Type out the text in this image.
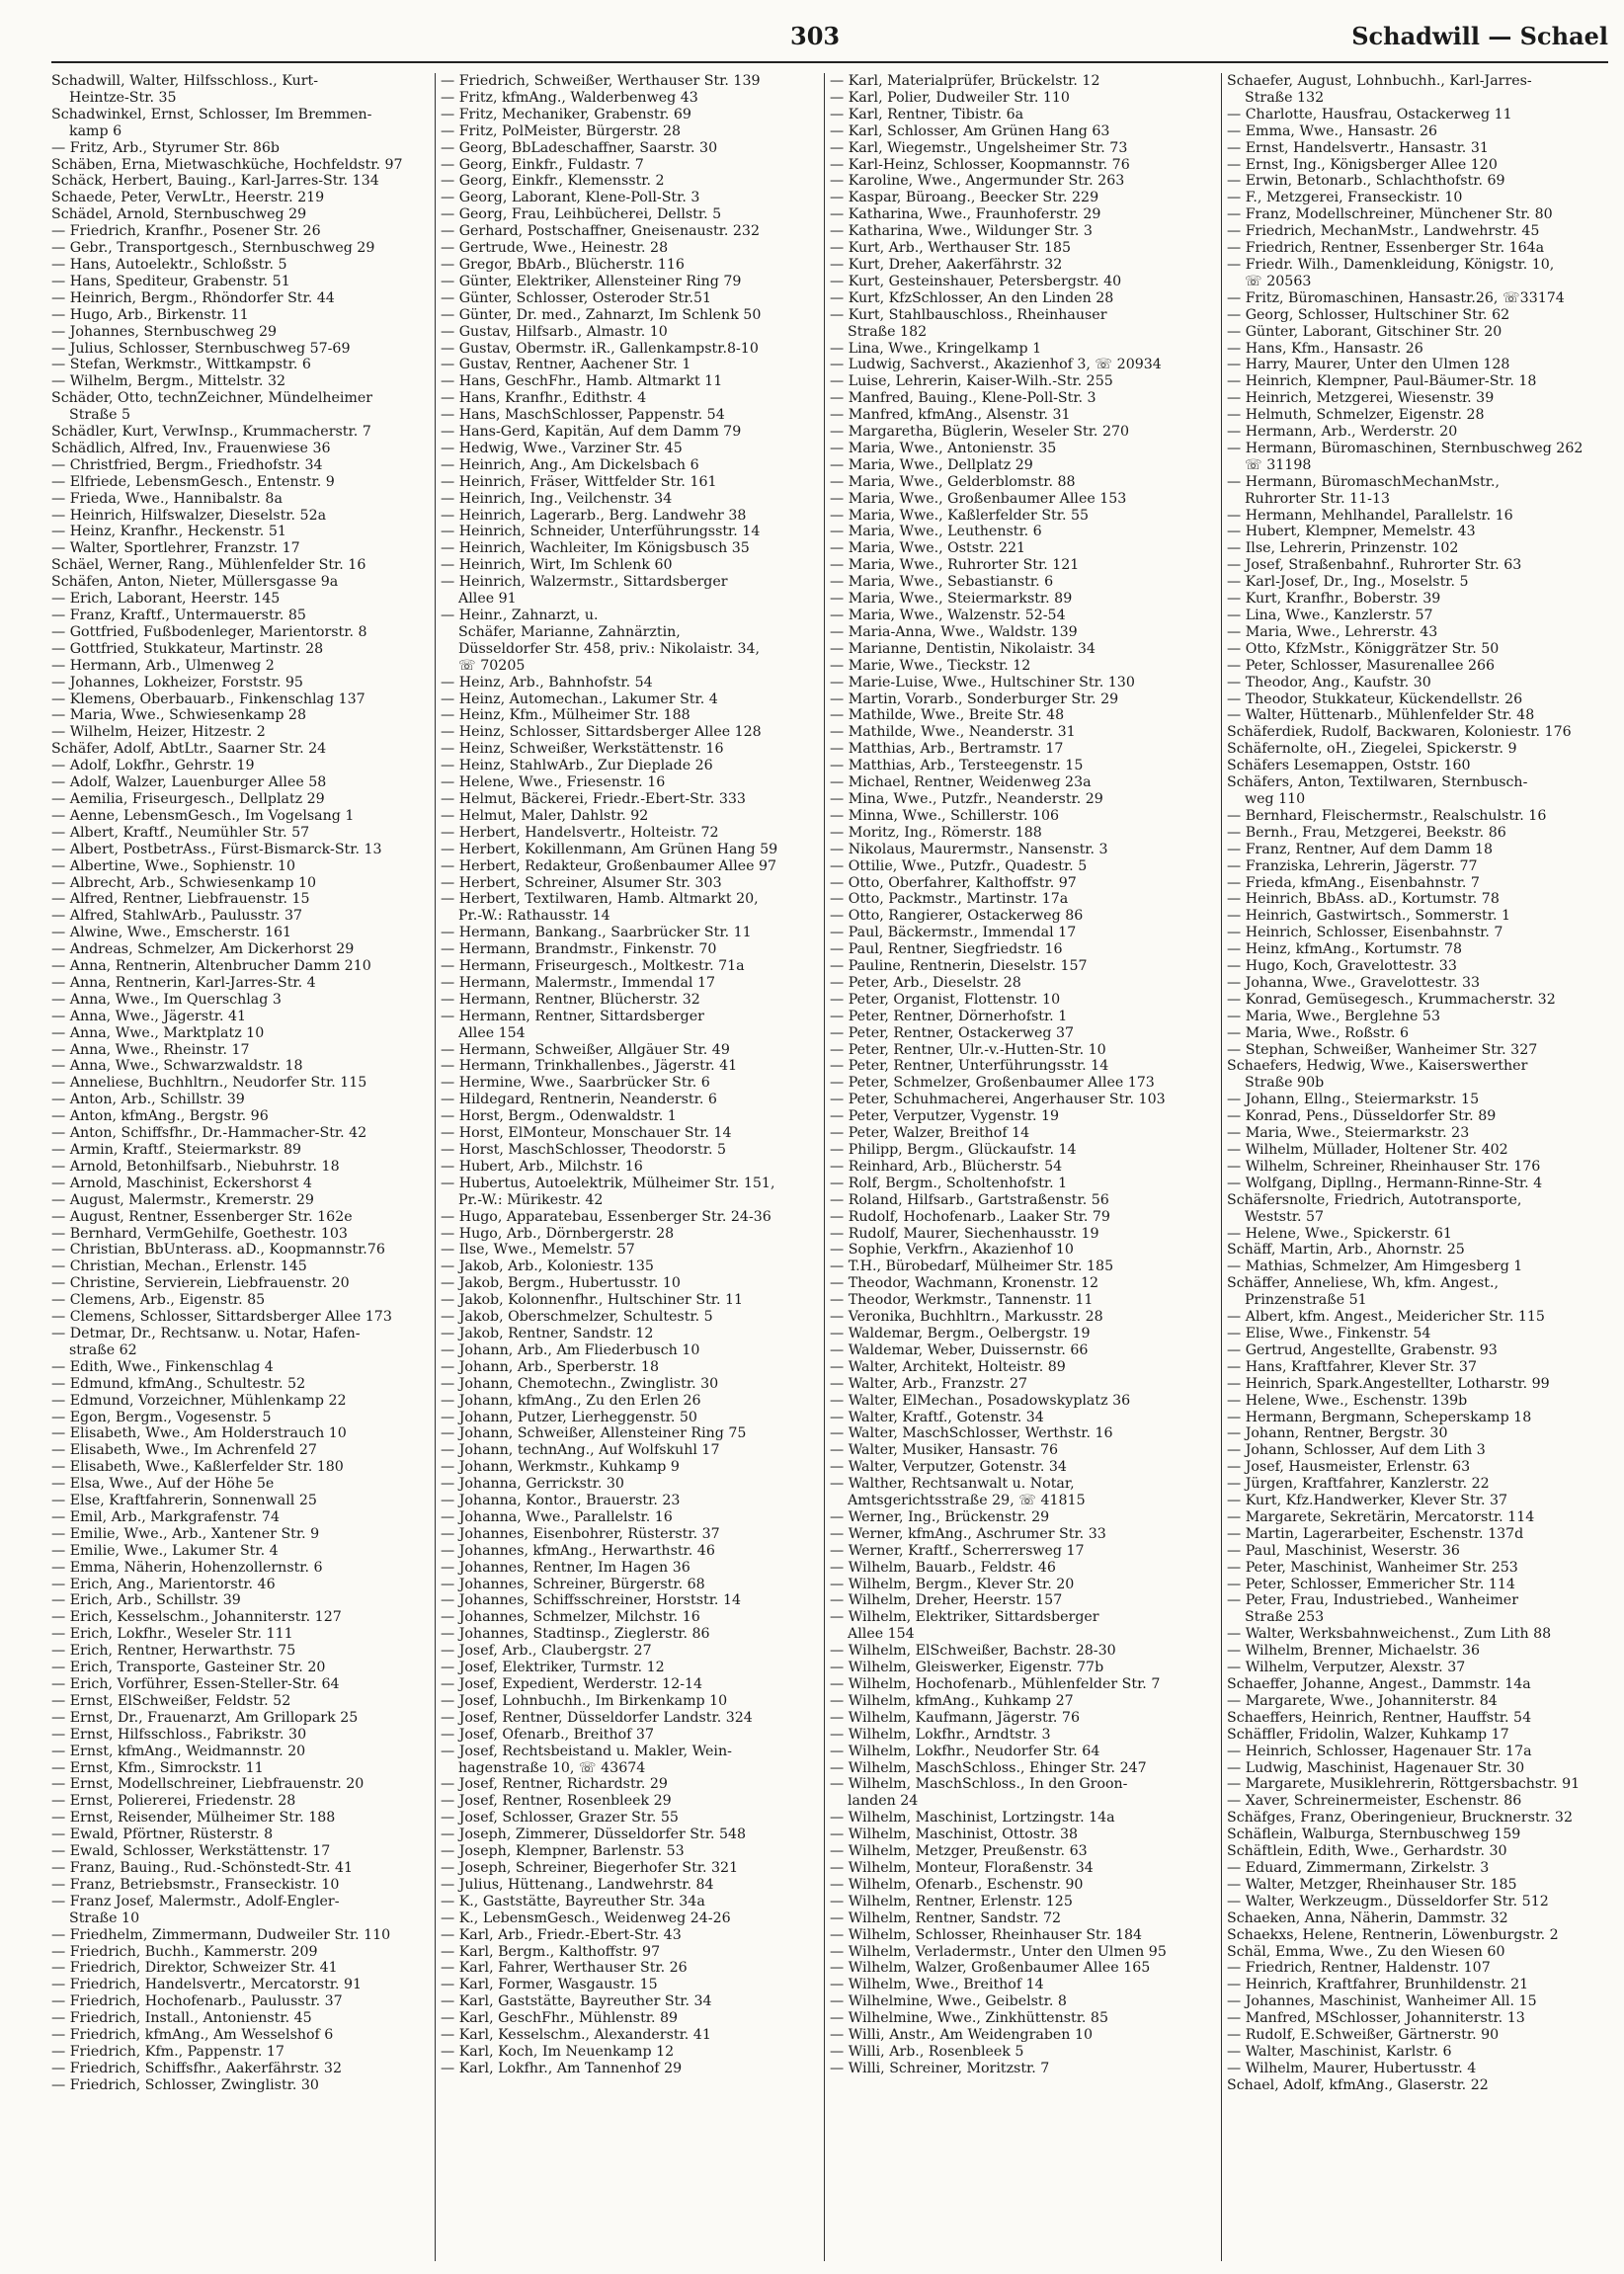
303	Schadwill — Schael
Schadwill, Walter, Hilfsschloss., Kurt-
Heintze-Str. 35
Schadwinkel, Ernst, Schlosser, Im Bremmen-
kamp 6
— Fritz, Arb., Styrumer Str. 86b
Schäben, Erna, Mietwaschküche, Hochfeldstr. 97
Schäck, Herbert, Bauing., Karl-Jarres-Str. 134
Schaede, Peter, VerwLtr., Heerstr. 219
Schädel, Arnold, Sternbuschweg 29
— Friedrich, Kranfhr., Posener Str. 26
— Gebr., Transportgesch., Sternbuschweg 29
— Hans, Autoelektr., Schloßstr. 5
— Hans, Spediteur, Grabenstr. 51
— Heinrich, Bergm., Rhöndorfer Str. 44
— Hugo, Arb., Birkenstr. 11
— Johannes, Sternbuschweg 29
— Julius, Schlosser, Sternbuschweg 57-69
— Stefan, Werkmstr., Wittkampstr. 6
— Wilhelm, Bergm., Mittelstr. 32
Schäder, Otto, technZeichner, Mündelheimer
Straße 5
Schädler, Kurt, VerwInsp., Krummacherstr. 7
Schädlich, Alfred, Inv., Frauenwiese 36
— Christfried, Bergm., Friedhofstr. 34
— Elfriede, LebensmGesch., Entenstr. 9
— Frieda, Wwe., Hannibalstr. 8a
— Heinrich, Hilfswalzer, Dieselstr. 52a
— Heinz, Kranfhr., Heckenstr. 51
— Walter, Sportlehrer, Franzstr. 17
Schäel, Werner, Rang., Mühlenfelder Str. 16
Schäfen, Anton, Nieter, Müllersgasse 9a
— Erich, Laborant, Heerstr. 145
— Franz, Kraftf., Untermauerstr. 85
— Gottfried, Fußbodenleger, Marientorstr. 8
— Gottfried, Stukkateur, Martinstr. 28
— Hermann, Arb., Ulmenweg 2
— Johannes, Lokheizer, Forststr. 95
— Klemens, Oberbauarb., Finkenschlag 137
— Maria, Wwe., Schwiesenkamp 28
— Wilhelm, Heizer, Hitzestr. 2
Schäfer, Adolf, AbtLtr., Saarner Str. 24
— Adolf, Lokfhr., Gehrstr. 19
— Adolf, Walzer, Lauenburger Allee 58
— Aemilia, Friseurgesch., Dellplatz 29
— Aenne, LebensmGesch., Im Vogelsang 1
— Albert, Kraftf., Neumühler Str. 57
— Albert, PostbetrAss., Fürst-Bismarck-Str. 13
— Albertine, Wwe., Sophienstr. 10
— Albrecht, Arb., Schwiesenkamp 10
— Alfred, Rentner, Liebfrauenstr. 15
— Alfred, StahlwArb., Paulusstr. 37
— Alwine, Wwe., Emscherstr. 161
— Andreas, Schmelzer, Am Dickerhorst 29
— Anna, Rentnerin, Altenbrucher Damm 210
— Anna, Rentnerin, Karl-Jarres-Str. 4
— Anna, Wwe., Im Querschlag 3
— Anna, Wwe., Jägerstr. 41
— Anna, Wwe., Marktplatz 10
— Anna, Wwe., Rheinstr. 17
— Anna, Wwe., Schwarzwaldstr. 18
— Anneliese, Buchhltrn., Neudorfer Str. 115
— Anton, Arb., Schillstr. 39
— Anton, kfmAng., Bergstr. 96
— Anton, Schiffsfhr., Dr.-Hammacher-Str. 42
— Armin, Kraftf., Steiermarkstr. 89
— Arnold, Betonhilfsarb., Niebuhrstr. 18
— Arnold, Maschinist, Eckershorst 4
— August, Malermstr., Kremerstr. 29
— August, Rentner, Essenberger Str. 162e
— Bernhard, VermGehilfe, Goethestr. 103
— Christian, BbUnterass. aD., Koopmannstr.76
— Christian, Mechan., Erlenstr. 145
— Christine, Servierein, Liebfrauenstr. 20
— Clemens, Arb., Eigenstr. 85
— Clemens, Schlosser, Sittardsberger Allee 173
— Detmar, Dr., Rechtsanw. u. Notar, Hafen-
straße 62
— Edith, Wwe., Finkenschlag 4
— Edmund, kfmAng., Schultestr. 52
— Edmund, Vorzeichner, Mühlenkamp 22
— Egon, Bergm., Vogesenstr. 5
— Elisabeth, Wwe., Am Holderstrauch 10
— Elisabeth, Wwe., Im Achrenfeld 27
— Elisabeth, Wwe., Kaßlerfelder Str. 180
— Elsa, Wwe., Auf der Höhe 5e
— Else, Kraftfahrerin, Sonnenwall 25
— Emil, Arb., Markgrafenstr. 74
— Emilie, Wwe., Arb., Xantener Str. 9
— Emilie, Wwe., Lakumer Str. 4
— Emma, Näherin, Hohenzollernstr. 6
— Erich, Ang., Marientorstr. 46
— Erich, Arb., Schillstr. 39
— Erich, Kesselschm., Johanniterstr. 127
— Erich, Lokfhr., Weseler Str. 111
— Erich, Rentner, Herwarthstr. 75
— Erich, Transporte, Gasteiner Str. 20
— Erich, Vorführer, Essen-Steller-Str. 64
— Ernst, ElSchweißer, Feldstr. 52
— Ernst, Dr., Frauenarzt, Am Grillopark 25
— Ernst, Hilfsschloss., Fabrikstr. 30
— Ernst, kfmAng., Weidmannstr. 20
— Ernst, Kfm., Simrockstr. 11
— Ernst, Modellschreiner, Liebfrauenstr. 20
— Ernst, Poliererei, Friedenstr. 28
— Ernst, Reisender, Mülheimer Str. 188
— Ewald, Pförtner, Rüsterstr. 8
— Ewald, Schlosser, Werkstättenstr. 17
— Franz, Bauing., Rud.-Schönstedt-Str. 41
— Franz, Betriebsmstr., Franseckistr. 10
— Franz Josef, Malermstr., Adolf-Engler-
Straße 10
— Friedhelm, Zimmermann, Dudweiler Str. 110
— Friedrich, Buchh., Kammerstr. 209
— Friedrich, Direktor, Schweizer Str. 41
— Friedrich, Handelsvertr., Mercatorstr. 91
— Friedrich, Hochofenarb., Paulusstr. 37
— Friedrich, Install., Antonienstr. 45
— Friedrich, kfmAng., Am Wesselshof 6
— Friedrich, Kfm., Pappenstr. 17
— Friedrich, Schiffsfhr., Aakerfährstr. 32
— Friedrich, Schlosser, Zwinglistr. 30
— Friedrich, Schweißer, Werthauser Str. 139
— Fritz, kfmAng., Walderbenweg 43
— Fritz, Mechaniker, Grabenstr. 69
— Fritz, PolMeister, Bürgerstr. 28
— Georg, BbLadeschaffner, Saarstr. 30
— Georg, Einkfr., Fuldastr. 7
— Georg, Einkfr., Klemensstr. 2
— Georg, Laborant, Klene-Poll-Str. 3
— Georg, Frau, Leihbücherei, Dellstr. 5
— Gerhard, Postschaffner, Gneisenaustr. 232
— Gertrude, Wwe., Heinestr. 28
— Gregor, BbArb., Blücherstr. 116
— Günter, Elektriker, Allensteiner Ring 79
— Günter, Schlosser, Osteroder Str.51
— Günter, Dr. med., Zahnarzt, Im Schlenk 50
— Gustav, Hilfsarb., Almastr. 10
— Gustav, Obermstr. iR., Gallenkampstr.8-10
— Gustav, Rentner, Aachener Str. 1
— Hans, GeschFhr., Hamb. Altmarkt 11
— Hans, Kranfhr., Edithstr. 4
— Hans, MaschSchlosser, Pappenstr. 54
— Hans-Gerd, Kapitän, Auf dem Damm 79
— Hedwig, Wwe., Varziner Str. 45
— Heinrich, Ang., Am Dickelsbach 6
— Heinrich, Fräser, Wittfelder Str. 161
— Heinrich, Ing., Veilchenstr. 34
— Heinrich, Lagerarb., Berg. Landwehr 38
— Heinrich, Schneider, Unterführungsstr. 14
— Heinrich, Wachleiter, Im Königsbusch 35
— Heinrich, Wirt, Im Schlenk 60
— Heinrich, Walzermstr., Sittardsberger
Allee 91
— Heinr., Zahnarzt, u.
Schäfer, Marianne, Zahnärztin,
Düsseldorfer Str. 458, priv.: Nikolaistr. 34,
☏ 70205
— Heinz, Arb., Bahnhofstr. 54
— Heinz, Automechan., Lakumer Str. 4
— Heinz, Kfm., Mülheimer Str. 188
— Heinz, Schlosser, Sittardsberger Allee 128
— Heinz, Schweißer, Werkstättenstr. 16
— Heinz, StahlwArb., Zur Dieplade 26
— Helene, Wwe., Friesenstr. 16
— Helmut, Bäckerei, Friedr.-Ebert-Str. 333
— Helmut, Maler, Dahlstr. 92
— Herbert, Handelsvertr., Holteistr. 72
— Herbert, Kokillenmann, Am Grünen Hang 59
— Herbert, Redakteur, Großenbaumer Allee 97
— Herbert, Schreiner, Alsumer Str. 303
— Herbert, Textilwaren, Hamb. Altmarkt 20,
Pr.-W.: Rathausstr. 14
— Hermann, Bankang., Saarbrücker Str. 11
— Hermann, Brandmstr., Finkenstr. 70
— Hermann, Friseurgesch., Moltkestr. 71a
— Hermann, Malermstr., Immendal 17
— Hermann, Rentner, Blücherstr. 32
— Hermann, Rentner, Sittardsberger
Allee 154
— Hermann, Schweißer, Allgäuer Str. 49
— Hermann, Trinkhallenbes., Jägerstr. 41
— Hermine, Wwe., Saarbrücker Str. 6
— Hildegard, Rentnerin, Neanderstr. 6
— Horst, Bergm., Odenwaldstr. 1
— Horst, ElMonteur, Monschauer Str. 14
— Horst, MaschSchlosser, Theodorstr. 5
— Hubert, Arb., Milchstr. 16
— Hubertus, Autoelektrik, Mülheimer Str. 151,
Pr.-W.: Mürikestr. 42
— Hugo, Apparatebau, Essenberger Str. 24-36
— Hugo, Arb., Dörnbergerstr. 28
— Ilse, Wwe., Memelstr. 57
— Jakob, Arb., Koloniestr. 135
— Jakob, Bergm., Hubertusstr. 10
— Jakob, Kolonnenfhr., Hultschiner Str. 11
— Jakob, Oberschmelzer, Schultestr. 5
— Jakob, Rentner, Sandstr. 12
— Johann, Arb., Am Fliederbusch 10
— Johann, Arb., Sperberstr. 18
— Johann, Chemotechn., Zwinglistr. 30
— Johann, kfmAng., Zu den Erlen 26
— Johann, Putzer, Lierheggenstr. 50
— Johann, Schweißer, Allensteiner Ring 75
— Johann, technAng., Auf Wolfskuhl 17
— Johann, Werkmstr., Kuhkamp 9
— Johanna, Gerrickstr. 30
— Johanna, Kontor., Brauerstr. 23
— Johanna, Wwe., Parallelstr. 16
— Johannes, Eisenbohrer, Rüsterstr. 37
— Johannes, kfmAng., Herwarthstr. 46
— Johannes, Rentner, Im Hagen 36
— Johannes, Schreiner, Bürgerstr. 68
— Johannes, Schiffsschreiner, Horststr. 14
— Johannes, Schmelzer, Milchstr. 16
— Johannes, Stadtinsp., Zieglerstr. 86
— Josef, Arb., Claubergstr. 27
— Josef, Elektriker, Turmstr. 12
— Josef, Expedient, Werderstr. 12-14
— Josef, Lohnbuchh., Im Birkenkamp 10
— Josef, Rentner, Düsseldorfer Landstr. 324
— Josef, Ofenarb., Breithof 37
— Josef, Rechtsbeistand u. Makler, Wein-
hagenstraße 10, ☏ 43674
— Josef, Rentner, Richardstr. 29
— Josef, Rentner, Rosenbleek 29
— Josef, Schlosser, Grazer Str. 55
— Joseph, Zimmerer, Düsseldorfer Str. 548
— Joseph, Klempner, Barlenstr. 53
— Joseph, Schreiner, Biegerhofer Str. 321
— Julius, Hüttenang., Landwehrstr. 84
— K., Gaststätte, Bayreuther Str. 34a
— K., LebensmGesch., Weidenweg 24-26
— Karl, Arb., Friedr.-Ebert-Str. 43
— Karl, Bergm., Kalthoffstr. 97
— Karl, Fahrer, Werthauser Str. 26
— Karl, Former, Wasgaustr. 15
— Karl, Gaststätte, Bayreuther Str. 34
— Karl, GeschFhr., Mühlenstr. 89
— Karl, Kesselschm., Alexanderstr. 41
— Karl, Koch, Im Neuenkamp 12
— Karl, Lokfhr., Am Tannenhof 29
— Karl, Materialprüfer, Brückelstr. 12
— Karl, Polier, Dudweiler Str. 110
— Karl, Rentner, Tibistr. 6a
— Karl, Schlosser, Am Grünen Hang 63
— Karl, Wiegemstr., Ungelsheimer Str. 73
— Karl-Heinz, Schlosser, Koopmannstr. 76
— Karoline, Wwe., Angermunder Str. 263
— Kaspar, Büroang., Beecker Str. 229
— Katharina, Wwe., Fraunhoferstr. 29
— Katharina, Wwe., Wildunger Str. 3
— Kurt, Arb., Werthauser Str. 185
— Kurt, Dreher, Aakerfährstr. 32
— Kurt, Gesteinshauer, Petersbergstr. 40
— Kurt, KfzSchlosser, An den Linden 28
— Kurt, Stahlbauschloss., Rheinhauser
Straße 182
— Lina, Wwe., Kringelkamp 1
— Ludwig, Sachverst., Akazienhof 3, ☏ 20934
— Luise, Lehrerin, Kaiser-Wilh.-Str. 255
— Manfred, Bauing., Klene-Poll-Str. 3
— Manfred, kfmAng., Alsenstr. 31
— Margaretha, Büglerin, Weseler Str. 270
— Maria, Wwe., Antonienstr. 35
— Maria, Wwe., Dellplatz 29
— Maria, Wwe., Gelderblomstr. 88
— Maria, Wwe., Großenbaumer Allee 153
— Maria, Wwe., Kaßlerfelder Str. 55
— Maria, Wwe., Leuthenstr. 6
— Maria, Wwe., Oststr. 221
— Maria, Wwe., Ruhrorter Str. 121
— Maria, Wwe., Sebastianstr. 6
— Maria, Wwe., Steiermarkstr. 89
— Maria, Wwe., Walzenstr. 52-54
— Maria-Anna, Wwe., Waldstr. 139
— Marianne, Dentistin, Nikolaistr. 34
— Marie, Wwe., Tieckstr. 12
— Marie-Luise, Wwe., Hultschiner Str. 130
— Martin, Vorarb., Sonderburger Str. 29
— Mathilde, Wwe., Breite Str. 48
— Mathilde, Wwe., Neanderstr. 31
— Matthias, Arb., Bertramstr. 17
— Matthias, Arb., Tersteegenstr. 15
— Michael, Rentner, Weidenweg 23a
— Mina, Wwe., Putzfr., Neanderstr. 29
— Minna, Wwe., Schillerstr. 106
— Moritz, Ing., Römerstr. 188
— Nikolaus, Maurermstr., Nansenstr. 3
— Ottilie, Wwe., Putzfr., Quadestr. 5
— Otto, Oberfahrer, Kalthoffstr. 97
— Otto, Packmstr., Martinstr. 17a
— Otto, Rangierer, Ostackerweg 86
— Paul, Bäckermstr., Immendal 17
— Paul, Rentner, Siegfriedstr. 16
— Pauline, Rentnerin, Dieselstr. 157
— Peter, Arb., Dieselstr. 28
— Peter, Organist, Flottenstr. 10
— Peter, Rentner, Dörnerhofstr. 1
— Peter, Rentner, Ostackerweg 37
— Peter, Rentner, Ulr.-v.-Hutten-Str. 10
— Peter, Rentner, Unterführungsstr. 14
— Peter, Schmelzer, Großenbaumer Allee 173
— Peter, Schuhmacherei, Angerhauser Str. 103
— Peter, Verputzer, Vygenstr. 19
— Peter, Walzer, Breithof 14
— Philipp, Bergm., Glückaufstr. 14
— Reinhard, Arb., Blücherstr. 54
— Rolf, Bergm., Scholtenhofstr. 1
— Roland, Hilfsarb., Gartstraßenstr. 56
— Rudolf, Hochofenarb., Laaker Str. 79
— Rudolf, Maurer, Siechenhausstr. 19
— Sophie, Verkfrn., Akazienhof 10
— T.H., Bürobedarf, Mülheimer Str. 185
— Theodor, Wachmann, Kronenstr. 12
— Theodor, Werkmstr., Tannenstr. 11
— Veronika, Buchhltrn., Markusstr. 28
— Waldemar, Bergm., Oelbergstr. 19
— Waldemar, Weber, Duissernstr. 66
— Walter, Architekt, Holteistr. 89
— Walter, Arb., Franzstr. 27
— Walter, ElMechan., Posadowskyplatz 36
— Walter, Kraftf., Gotenstr. 34
— Walter, MaschSchlosser, Werthstr. 16
— Walter, Musiker, Hansastr. 76
— Walter, Verputzer, Gotenstr. 34
— Walther, Rechtsanwalt u. Notar,
Amtsgerichtsstraße 29, ☏ 41815
— Werner, Ing., Brückenstr. 29
— Werner, kfmAng., Aschrumer Str. 33
— Werner, Kraftf., Scherrersweg 17
— Wilhelm, Bauarb., Feldstr. 46
— Wilhelm, Bergm., Klever Str. 20
— Wilhelm, Dreher, Heerstr. 157
— Wilhelm, Elektriker, Sittardsberger
Allee 154
— Wilhelm, ElSchweißer, Bachstr. 28-30
— Wilhelm, Gleiswerker, Eigenstr. 77b
— Wilhelm, Hochofenarb., Mühlenfelder Str. 7
— Wilhelm, kfmAng., Kuhkamp 27
— Wilhelm, Kaufmann, Jägerstr. 76
— Wilhelm, Lokfhr., Arndtstr. 3
— Wilhelm, Lokfhr., Neudorfer Str. 64
— Wilhelm, MaschSchloss., Ehinger Str. 247
— Wilhelm, MaschSchloss., In den Groon-
landen 24
— Wilhelm, Maschinist, Lortzingstr. 14a
— Wilhelm, Maschinist, Ottostr. 38
— Wilhelm, Metzger, Preußenstr. 63
— Wilhelm, Monteur, Floraßenstr. 34
— Wilhelm, Ofenarb., Eschenstr. 90
— Wilhelm, Rentner, Erlenstr. 125
— Wilhelm, Rentner, Sandstr. 72
— Wilhelm, Schlosser, Rheinhauser Str. 184
— Wilhelm, Verladermstr., Unter den Ulmen 95
— Wilhelm, Walzer, Großenbaumer Allee 165
— Wilhelm, Wwe., Breithof 14
— Wilhelmine, Wwe., Geibelstr. 8
— Wilhelmine, Wwe., Zinkhüttenstr. 85
— Willi, Anstr., Am Weidengraben 10
— Willi, Arb., Rosenbleek 5
— Willi, Schreiner, Moritzstr. 7
Schaefer, August, Lohnbuchh., Karl-Jarres-
Straße 132
— Charlotte, Hausfrau, Ostackerweg 11
— Emma, Wwe., Hansastr. 26
— Ernst, Handelsvertr., Hansastr. 31
— Ernst, Ing., Königsberger Allee 120
— Erwin, Betonarb., Schlachthofstr. 69
— F., Metzgerei, Franseckistr. 10
— Franz, Modellschreiner, Münchener Str. 80
— Friedrich, MechanMstr., Landwehrstr. 45
— Friedrich, Rentner, Essenberger Str. 164a
— Friedr. Wilh., Damenkleidung, Königstr. 10,
☏ 20563
— Fritz, Büromaschinen, Hansastr.26, ☏33174
— Georg, Schlosser, Hultschiner Str. 62
— Günter, Laborant, Gitschiner Str. 20
— Hans, Kfm., Hansastr. 26
— Harry, Maurer, Unter den Ulmen 128
— Heinrich, Klempner, Paul-Bäumer-Str. 18
— Heinrich, Metzgerei, Wiesenstr. 39
— Helmuth, Schmelzer, Eigenstr. 28
— Hermann, Arb., Werderstr. 20
— Hermann, Büromaschinen, Sternbuschweg 262
☏ 31198
— Hermann, BüromaschMechanMstr.,
Ruhrorter Str. 11-13
— Hermann, Mehlhandel, Parallelstr. 16
— Hubert, Klempner, Memelstr. 43
— Ilse, Lehrerin, Prinzenstr. 102
— Josef, Straßenbahnf., Ruhrorter Str. 63
— Karl-Josef, Dr., Ing., Moselstr. 5
— Kurt, Kranfhr., Boberstr. 39
— Lina, Wwe., Kanzlerstr. 57
— Maria, Wwe., Lehrerstr. 43
— Otto, KfzMstr., Königgrätzer Str. 50
— Peter, Schlosser, Masurenallee 266
— Theodor, Ang., Kaufstr. 30
— Theodor, Stukkateur, Kückendellstr. 26
— Walter, Hüttenarb., Mühlenfelder Str. 48
Schäferdiek, Rudolf, Backwaren, Koloniestr. 176
Schäfernolte, oH., Ziegelei, Spickerstr. 9
Schäfers Lesemappen, Oststr. 160
Schäfers, Anton, Textilwaren, Sternbusch-
weg 110
— Bernhard, Fleischermstr., Realschulstr. 16
— Bernh., Frau, Metzgerei, Beekstr. 86
— Franz, Rentner, Auf dem Damm 18
— Franziska, Lehrerin, Jägerstr. 77
— Frieda, kfmAng., Eisenbahnstr. 7
— Heinrich, BbAss. aD., Kortumstr. 78
— Heinrich, Gastwirtsch., Sommerstr. 1
— Heinrich, Schlosser, Eisenbahnstr. 7
— Heinz, kfmAng., Kortumstr. 78
— Hugo, Koch, Gravelottestr. 33
— Johanna, Wwe., Gravelottestr. 33
— Konrad, Gemüsegesch., Krummacherstr. 32
— Maria, Wwe., Berglehne 53
— Maria, Wwe., Roßstr. 6
— Stephan, Schweißer, Wanheimer Str. 327
Schaefers, Hedwig, Wwe., Kaiserswerther
Straße 90b
— Johann, Ellng., Steiermarkstr. 15
— Konrad, Pens., Düsseldorfer Str. 89
— Maria, Wwe., Steiermarkstr. 23
— Wilhelm, Müllader, Holtener Str. 402
— Wilhelm, Schreiner, Rheinhauser Str. 176
— Wolfgang, Dipllng., Hermann-Rinne-Str. 4
Schäfersnolte, Friedrich, Autotransporte,
Weststr. 57
— Helene, Wwe., Spickerstr. 61
Schäff, Martin, Arb., Ahornstr. 25
— Mathias, Schmelzer, Am Himgesberg 1
Schäffer, Anneliese, Wh, kfm. Angest.,
Prinzenstraße 51
— Albert, kfm. Angest., Meidericher Str. 115
— Elise, Wwe., Finkenstr. 54
— Gertrud, Angestellte, Grabenstr. 93
— Hans, Kraftfahrer, Klever Str. 37
— Heinrich, Spark.Angestellter, Lotharstr. 99
— Helene, Wwe., Eschenstr. 139b
— Hermann, Bergmann, Scheperskamp 18
— Johann, Rentner, Bergstr. 30
— Johann, Schlosser, Auf dem Lith 3
— Josef, Hausmeister, Erlenstr. 63
— Jürgen, Kraftfahrer, Kanzlerstr. 22
— Kurt, Kfz.Handwerker, Klever Str. 37
— Margarete, Sekretärin, Mercatorstr. 114
— Martin, Lagerarbeiter, Eschenstr. 137d
— Paul, Maschinist, Weserstr. 36
— Peter, Maschinist, Wanheimer Str. 253
— Peter, Schlosser, Emmericher Str. 114
— Peter, Frau, Industriebed., Wanheimer
Straße 253
— Walter, Werksbahnweichenst., Zum Lith 88
— Wilhelm, Brenner, Michaelstr. 36
— Wilhelm, Verputzer, Alexstr. 37
Schaeffer, Johanne, Angest., Dammstr. 14a
— Margarete, Wwe., Johanniterstr. 84
Schaeffers, Heinrich, Rentner, Hauffstr. 54
Schäffler, Fridolin, Walzer, Kuhkamp 17
— Heinrich, Schlosser, Hagenauer Str. 17a
— Ludwig, Maschinist, Hagenauer Str. 30
— Margarete, Musiklehrerin, Röttgersbachstr. 91
— Xaver, Schreinermeister, Eschenstr. 86
Schäfges, Franz, Oberingenieur, Brucknerstr. 32
Schäflein, Walburga, Sternbuschweg 159
Schäftlein, Edith, Wwe., Gerhardstr. 30
— Eduard, Zimmermann, Zirkelstr. 3
— Walter, Metzger, Rheinhauser Str. 185
— Walter, Werkzeugm., Düsseldorfer Str. 512
Schaeken, Anna, Näherin, Dammstr. 32
Schaekxs, Helene, Rentnerin, Löwenburgstr. 2
Schäl, Emma, Wwe., Zu den Wiesen 60
— Friedrich, Rentner, Haldenstr. 107
— Heinrich, Kraftfahrer, Brunhildenstr. 21
— Johannes, Maschinist, Wanheimer All. 15
— Manfred, MSchlosser, Johanniterstr. 13
— Rudolf, E.Schweißer, Gärtnerstr. 90
— Walter, Maschinist, Karlstr. 6
— Wilhelm, Maurer, Hubertusstr. 4
Schael, Adolf, kfmAng., Glaserstr. 22
